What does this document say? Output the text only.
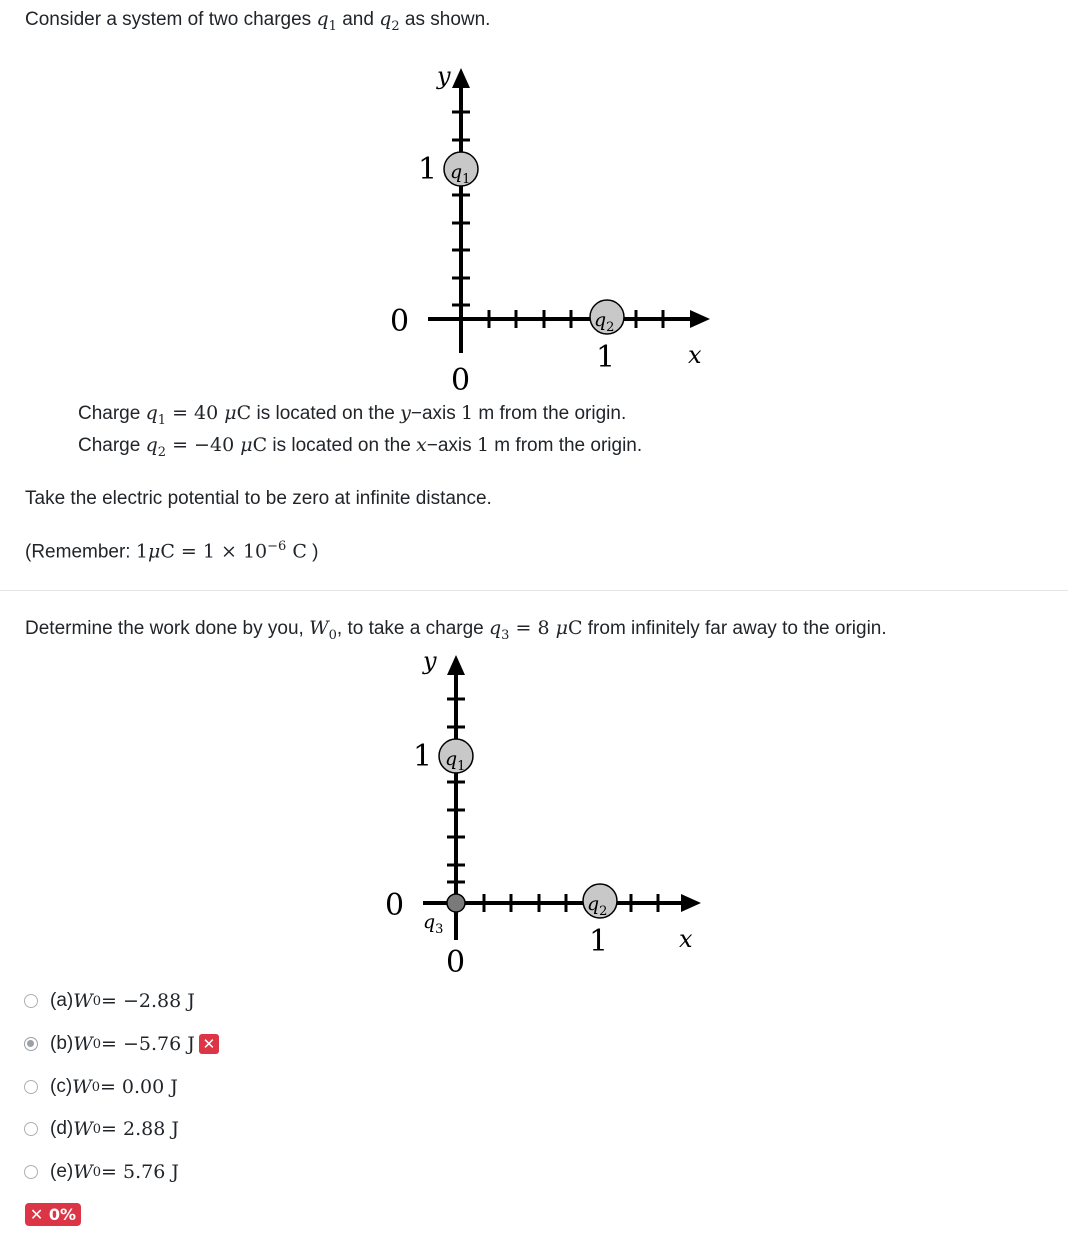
Consider a system of two charges $q_1$ and $q_2$ as shown.
y
$q_1$
$q_2$
1
0
1	x
0
Charge $q_1 = 40$ μC is located on the y−axis 1 m from the origin.
Charge $q_2 = -40$ μC is located on the x−axis 1 m from the origin.
Take the electric potential to be zero at infinite distance.
(Remember: $1\mu C = 1 \times 10^{-6}$ C )
Determine the work done by you, $W_0$, to take a charge $q_3 = 8$ μC from infinitely far away to the origin.
y
$q_1$
$q_2$
$q_3$
1
0
1	x
0
(a) W 0 = −2.88 J
(b) W 0 = −5.76 J ✕
(c) W 0 = 0.00 J
(d) W 0 = 2.88 J
(e) W 0 = 5.76 J
✕ 0%
